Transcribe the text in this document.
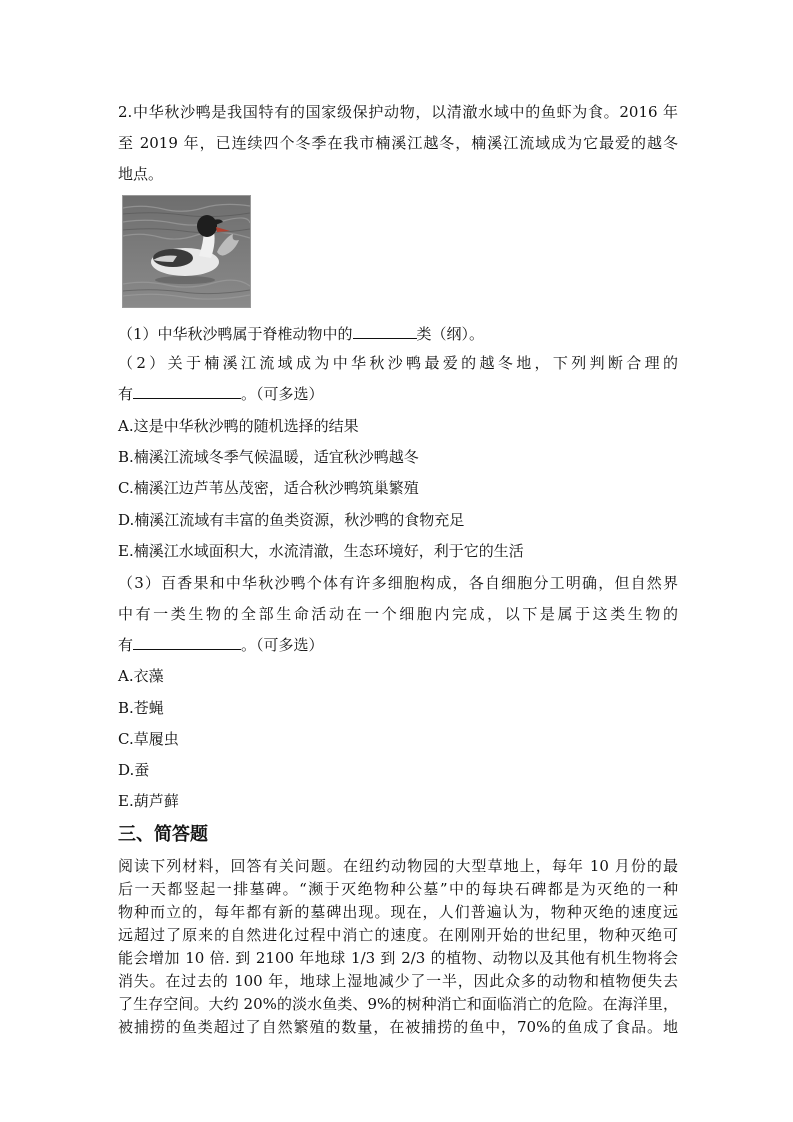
2.中华秋沙鸭是我国特有的国家级保护动物，以清澈水域中的鱼虾为食。2016 年
至 2019 年，已连续四个冬季在我市楠溪江越冬，楠溪江流域成为它最爱的越冬
地点。
（1）中华秋沙鸭属于脊椎动物中的	类（纲）。
（2）关于楠溪江流域成为中华秋沙鸭最爱的越冬地，下列判断合理的
有	。（可多选）
A.这是中华秋沙鸭的随机选择的结果
B.楠溪江流域冬季气候温暖，适宜秋沙鸭越冬
C.楠溪江边芦苇丛茂密，适合秋沙鸭筑巢繁殖
D.楠溪江流域有丰富的鱼类资源，秋沙鸭的食物充足
E.楠溪江水域面积大，水流清澈，生态环境好，利于它的生活
（3）百香果和中华秋沙鸭个体有许多细胞构成，各自细胞分工明确，但自然界
中有一类生物的全部生命活动在一个细胞内完成，以下是属于这类生物的
有	。（可多选）
A.衣藻
B.苍蝇
C.草履虫
D.蚕
E.葫芦藓
三、简答题
阅读下列材料，回答有关问题。在纽约动物园的大型草地上，每年 10 月份的最
后一天都竖起一排墓碑。“濒于灭绝物种公墓”中的每块石碑都是为灭绝的一种
物种而立的，每年都有新的墓碑出现。现在，人们普遍认为，物种灭绝的速度远
远超过了原来的自然进化过程中消亡的速度。在刚刚开始的世纪里，物种灭绝可
能会增加 10 倍. 到 2100 年地球 1/3 到 2/3 的植物、动物以及其他有机生物将会
消失。在过去的 100 年，地球上湿地减少了一半，因此众多的动物和植物便失去
了生存空间。大约 20%的淡水鱼类、9%的树种消亡和面临消亡的危险。在海洋里，
被捕捞的鱼类超过了自然繁殖的数量，在被捕捞的鱼中，70%的鱼成了食品。地
